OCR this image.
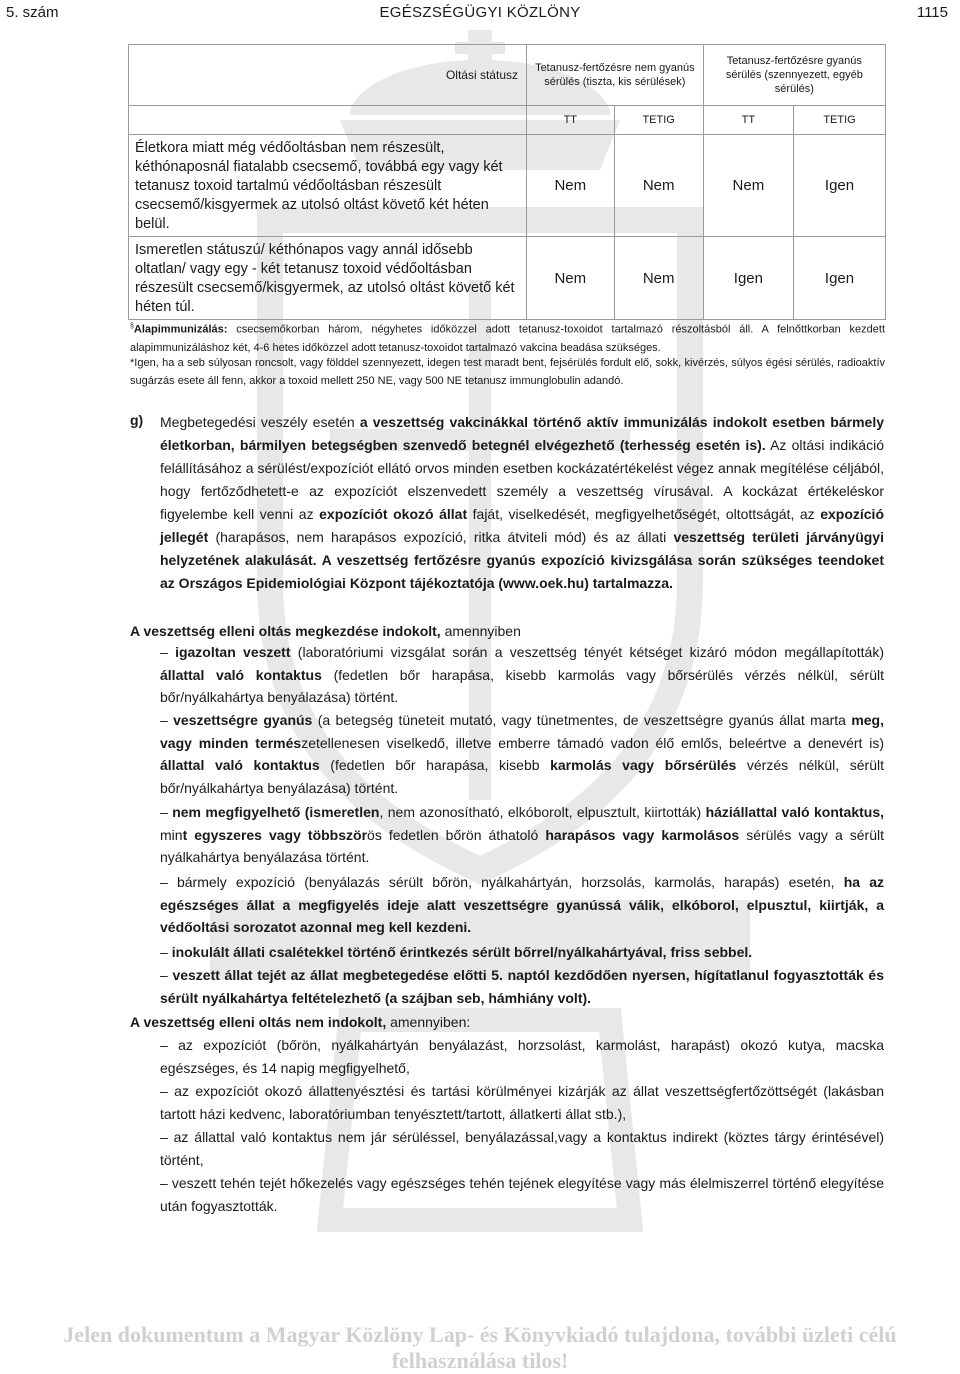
5. szám	EGÉSZSÉGÜGYI KÖZLÖNY	1115
Oltási státusz	Tetanusz-fertőzésre nem gyanús sérülés (tiszta, kis sérülések)		Tetanusz-fertőzésre gyanús sérülés (szennyezett, egyéb sérülés)	
	TT	TETIG	TT	TETIG
Életkora miatt még védőoltásban nem részesült, kéthónaposnál fiatalabb csecsemő, továbbá egy vagy két tetanusz toxoid tartalmú védőoltásban részesült csecsemő/kisgyermek az utolsó oltást követő két héten belül.	Nem	Nem	Nem	Igen
Ismeretlen státuszú/ kéthónapos vagy annál idősebb oltatlan/ vagy egy - két tetanusz toxoid védőoltásban részesült csecsemő/kisgyermek, az utolsó oltást követő két héten túl.	Nem	Nem	Igen	Igen
§Alapimmunizálás: csecsemőkorban három, négyhetes időközzel adott tetanusz-toxoidot tartalmazó részoltásból áll. A felnőttkorban kezdett alapimmunizáláshoz két, 4-6 hetes időközzel adott tetanusz-toxoidot tartalmazó vakcina beadása szükséges.
*Igen, ha a seb súlyosan roncsolt, vagy földdel szennyezett, idegen test maradt bent, fejsérülés fordult elő, sokk, kivérzés, súlyos égési sérülés, radioaktív sugárzás esete áll fenn, akkor a toxoid mellett 250 NE, vagy 500 NE tetanusz immunglobulin adandó.
g) Megbetegedési veszély esetén a veszettség vakcinákkal történő aktív immunizálás indokolt esetben bármely életkorban, bármilyen betegségben szenvedő betegnél elvégezhető (terhesség esetén is). Az oltási indikáció felállításához a sérülést/expozíciót ellátó orvos minden esetben kockázatértékelést végez annak megítélése céljából, hogy fertőződhetett-e az expozíciót elszenvedett személy a veszettség vírusával. A kockázat értékeléskor figyelembe kell venni az expozíciót okozó állat faját, viselkedését, megfigyelhetőségét, oltottságát, az expozíció jellegét (harapásos, nem harapásos expozíció, ritka átviteli mód) és az állati veszettség területi járványügyi helyzetének alakulását. A veszettség fertőzésre gyanús expozíció kivizsgálása során szükséges teendoket az Országos Epidemiológiai Központ tájékoztatója (www.oek.hu) tartalmazza.
A veszettség elleni oltás megkezdése indokolt, amennyiben
– igazoltan veszett (laboratóriumi vizsgálat során a veszettség tényét kétséget kizáró módon megállapították) állattal való kontaktus (fedetlen bőr harapása, kisebb karmolás vagy bőrsérülés vérzés nélkül, sérült bőr/nyálkahártya benyálazása) történt.
– veszettségre gyanús (a betegség tüneteit mutató, vagy tünetmentes, de veszettségre gyanús állat marta meg, vagy minden természetellenesen viselkedő, illetve emberre támadó vadon élő emlős, beleértve a denevért is) állattal való kontaktus (fedetlen bőr harapása, kisebb karmolás vagy bőrsérülés vérzés nélkül, sérült bőr/nyálkahártya benyálazása) történt.
– nem megfigyelhető (ismeretlen, nem azonosítható, elkóborolt, elpusztult, kiirtották) háziállattal való kontaktus, mint egyszeres vagy többszörös fedetlen bőrön áthatoló harapásos vagy karmolásos sérülés vagy a sérült nyálkahártya benyálazása történt.
– bármely expozíció (benyálazás sérült bőrön, nyálkahártyán, horzsolás, karmolás, harapás) esetén, ha az egészséges állat a megfigyelés ideje alatt veszettségre gyanússá válik, elkóborol, elpusztul, kiirtják, a védőoltási sorozatot azonnal meg kell kezdeni.
– inokulált állati csalétekkel történő érintkezés sérült bőrrel/nyálkahártyával, friss sebbel.
– veszett állat tejét az állat megbetegedése előtti 5. naptól kezdődően nyersen, hígítatlanul fogyasztották és sérült nyálkahártya feltételezhető (a szájban seb, hámhiány volt).
A veszettség elleni oltás nem indokolt, amennyiben:
– az expozíciót (bőrön, nyálkahártyán benyálazást, horzsolást, karmolást, harapást) okozó kutya, macska egészséges, és 14 napig megfigyelhető,
– az expozíciót okozó állattenyésztési és tartási körülményei kizárják az állat veszettségfertőzöttségét (lakásban tartott házi kedvenc, laboratóriumban tenyésztett/tartott, állatkerti állat stb.),
– az állattal való kontaktus nem jár sérüléssel, benyálazással,vagy a kontaktus indirekt (köztes tárgy érintésével) történt,
– veszett tehén tejét hőkezelés vagy egészséges tehén tejének elegyítése vagy más élelmiszerrel történő elegyítése után fogyasztották.
Jelen dokumentum a Magyar Közlöny Lap- és Könyvkiadó tulajdona, további üzleti célú felhasználása tilos!
